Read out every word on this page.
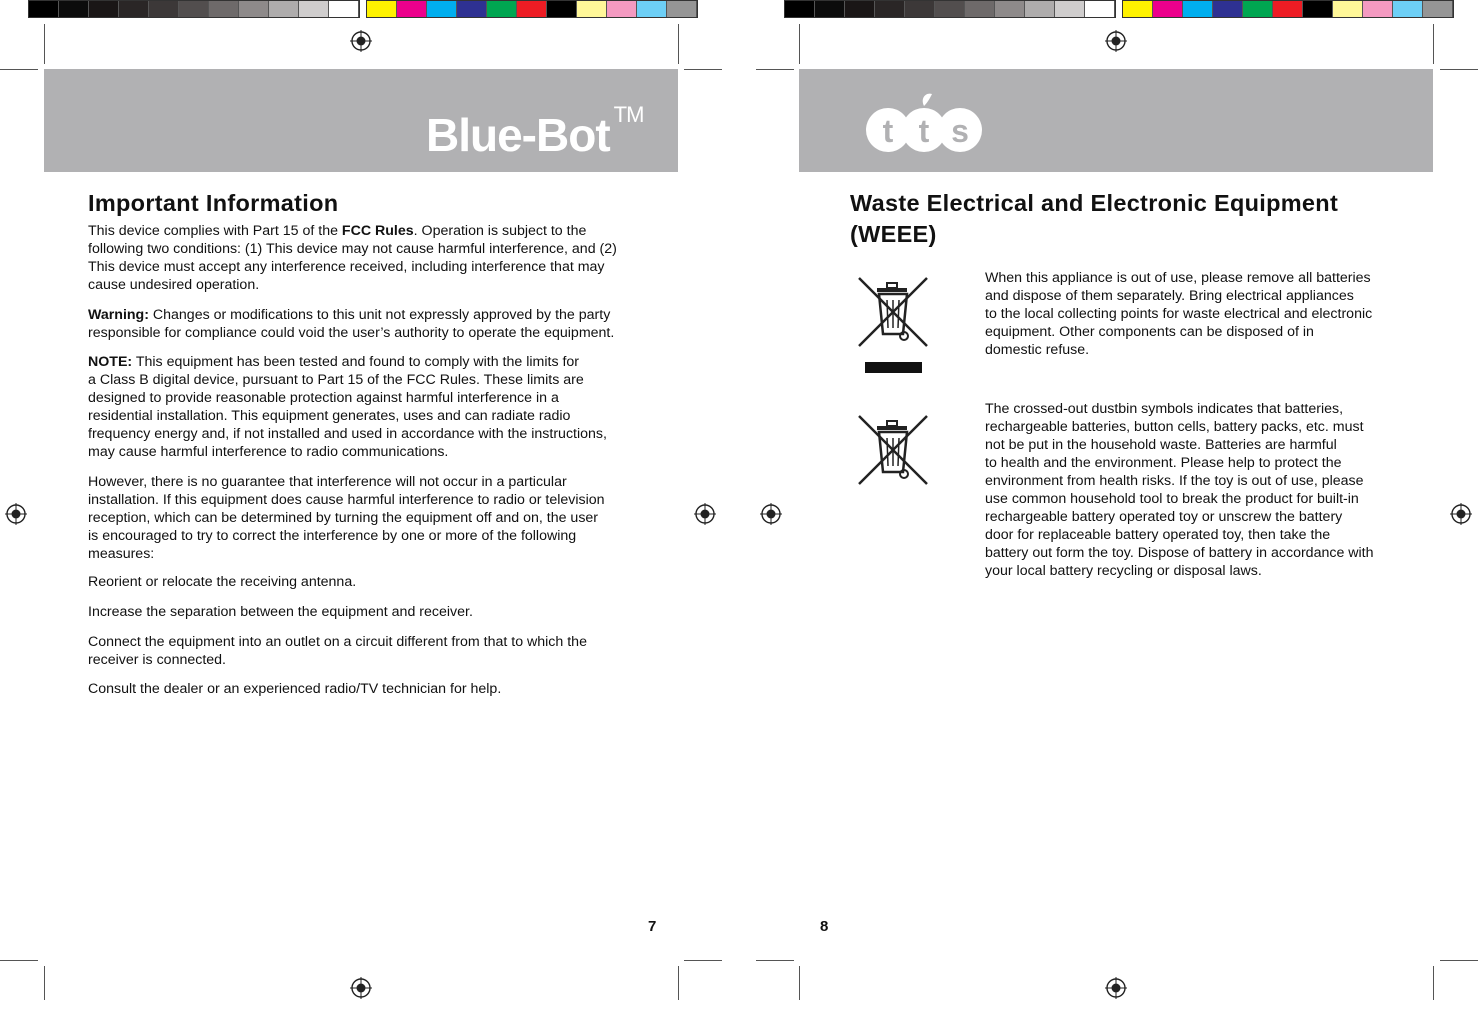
Blue-Bot ™
Important Information
This device complies with Part 15 of the FCC Rules. Operation is subject to the
following two conditions: (1) This device may not cause harmful interference, and (2)
This device must accept any interference received, including interference that may
cause undesired operation.
Warning: Changes or modifications to this unit not expressly approved by the party
responsible for compliance could void the user’s authority to operate the equipment.
NOTE: This equipment has been tested and found to comply with the limits for
a Class B digital device, pursuant to Part 15 of the FCC Rules. These limits are
designed to provide reasonable protection against harmful interference in a
residential installation. This equipment generates, uses and can radiate radio
frequency energy and, if not installed and used in accordance with the instructions,
may cause harmful interference to radio communications.
However, there is no guarantee that interference will not occur in a particular
installation. If this equipment does cause harmful interference to radio or television
reception, which can be determined by turning the equipment off and on, the user
is encouraged to try to correct the interference by one or more of the following
measures:
Reorient or relocate the receiving antenna.
Increase the separation between the equipment and receiver.
Connect the equipment into an outlet on a circuit different from that to which the
receiver is connected.
Consult the dealer or an experienced radio/TV technician for help.
7
t t s
Waste Electrical and Electronic Equipment
(WEEE)
When this appliance is out of use, please remove all batteries
and dispose of them separately. Bring electrical appliances
to the local collecting points for waste electrical and electronic
equipment. Other components can be disposed of in
domestic refuse.
The crossed-out dustbin symbols indicates that batteries,
rechargeable batteries, button cells, battery packs, etc. must
not be put in the household waste. Batteries are harmful
to health and the environment. Please help to protect the
environment from health risks. If the toy is out of use, please
use common household tool to break the product for built-in
rechargeable battery operated toy or unscrew the battery
door for replaceable battery operated toy, then take the
battery out form the toy. Dispose of battery in accordance with
your local battery recycling or disposal laws.
8
